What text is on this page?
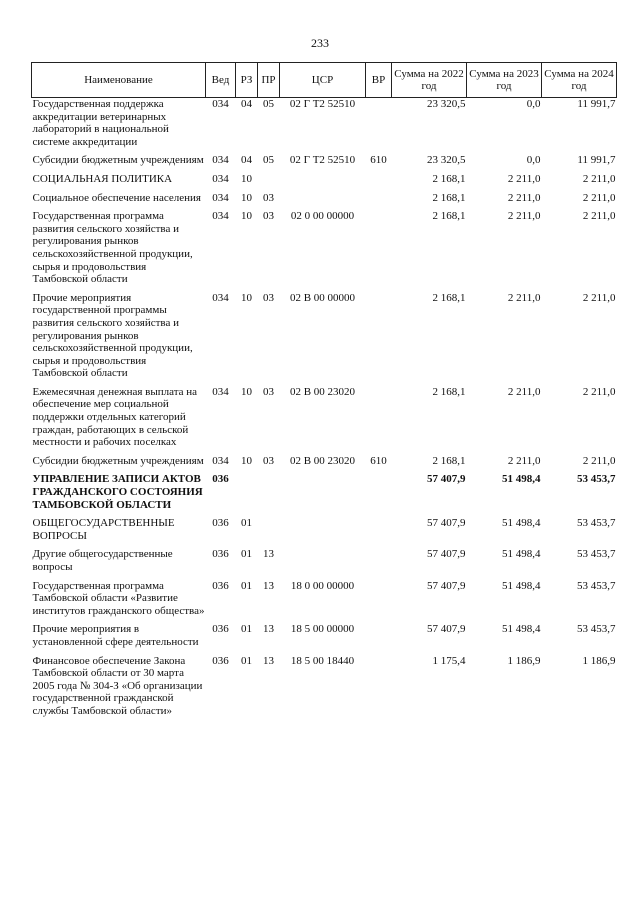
233
Наименование	Вед	РЗ	ПР	ЦСР	ВР	Сумма на 2022 год	Сумма на 2023 год	Сумма на 2024 год
Государственная поддержка аккредитации ветеринарных лабораторий в национальной системе аккредитации	034	04	05	02 Г Т2 52510		23 320,5	0,0	11 991,7
Субсидии бюджетным учреждениям	034	04	05	02 Г Т2 52510	610	23 320,5	0,0	11 991,7
СОЦИАЛЬНАЯ ПОЛИТИКА	034	10				2 168,1	2 211,0	2 211,0
Социальное обеспечение населения	034	10	03			2 168,1	2 211,0	2 211,0
Государственная программа развития сельского хозяйства и регулирования рынков сельскохозяйственной продукции, сырья и продовольствия Тамбовской области	034	10	03	02 0 00 00000		2 168,1	2 211,0	2 211,0
Прочие мероприятия государственной программы развития сельского хозяйства и регулирования рынков сельскохозяйственной продукции, сырья и продовольствия Тамбовской области	034	10	03	02 В 00 00000		2 168,1	2 211,0	2 211,0
Ежемесячная денежная выплата на обеспечение мер социальной поддержки отдельных категорий граждан, работающих в сельской местности и рабочих поселках	034	10	03	02 В 00 23020		2 168,1	2 211,0	2 211,0
Субсидии бюджетным учреждениям	034	10	03	02 В 00 23020	610	2 168,1	2 211,0	2 211,0
УПРАВЛЕНИЕ ЗАПИСИ АКТОВ ГРАЖДАНСКОГО СОСТОЯНИЯ ТАМБОВСКОЙ ОБЛАСТИ	036					57 407,9	51 498,4	53 453,7
ОБЩЕГОСУДАРСТВЕННЫЕ ВОПРОСЫ	036	01				57 407,9	51 498,4	53 453,7
Другие общегосударственные вопросы	036	01	13			57 407,9	51 498,4	53 453,7
Государственная программа Тамбовской области «Развитие институтов гражданского общества»	036	01	13	18 0 00 00000		57 407,9	51 498,4	53 453,7
Прочие мероприятия в установленной сфере деятельности	036	01	13	18 5 00 00000		57 407,9	51 498,4	53 453,7
Финансовое обеспечение Закона Тамбовской области от 30 марта 2005 года № 304-З «Об организации государственной гражданской службы Тамбовской области»	036	01	13	18 5 00 18440		1 175,4	1 186,9	1 186,9
